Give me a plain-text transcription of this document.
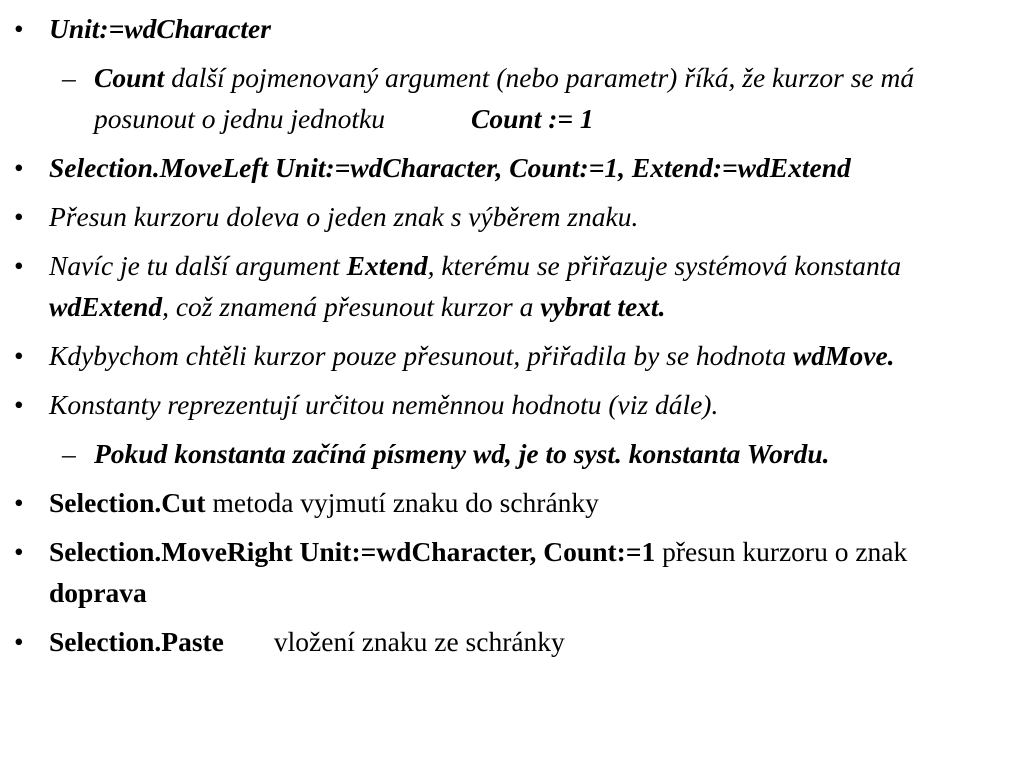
• Unit:=wdCharacter
– Count další pojmenovaný argument (nebo parametr) říká, že kurzor se má posunout o jednu jednotku	Count := 1
• Selection.MoveLeft Unit:=wdCharacter, Count:=1, Extend:=wdExtend
• Přesun kurzoru doleva o jeden znak s výběrem znaku.
• Navíc je tu další argument Extend, kterému se přiřazuje systémová konstanta wdExtend, což znamená přesunout kurzor a vybrat text.
• Kdybychom chtěli kurzor pouze přesunout, přiřadila by se hodnota wdMove.
• Konstanty reprezentují určitou neměnnou hodnotu (viz dále).
– Pokud konstanta začíná písmeny wd, je to syst. konstanta Wordu.
• Selection.Cut metoda vyjmutí znaku do schránky
• Selection.MoveRight Unit:=wdCharacter, Count:=1 přesun kurzoru o znak doprava
• Selection.Paste vložení znaku ze schránky
